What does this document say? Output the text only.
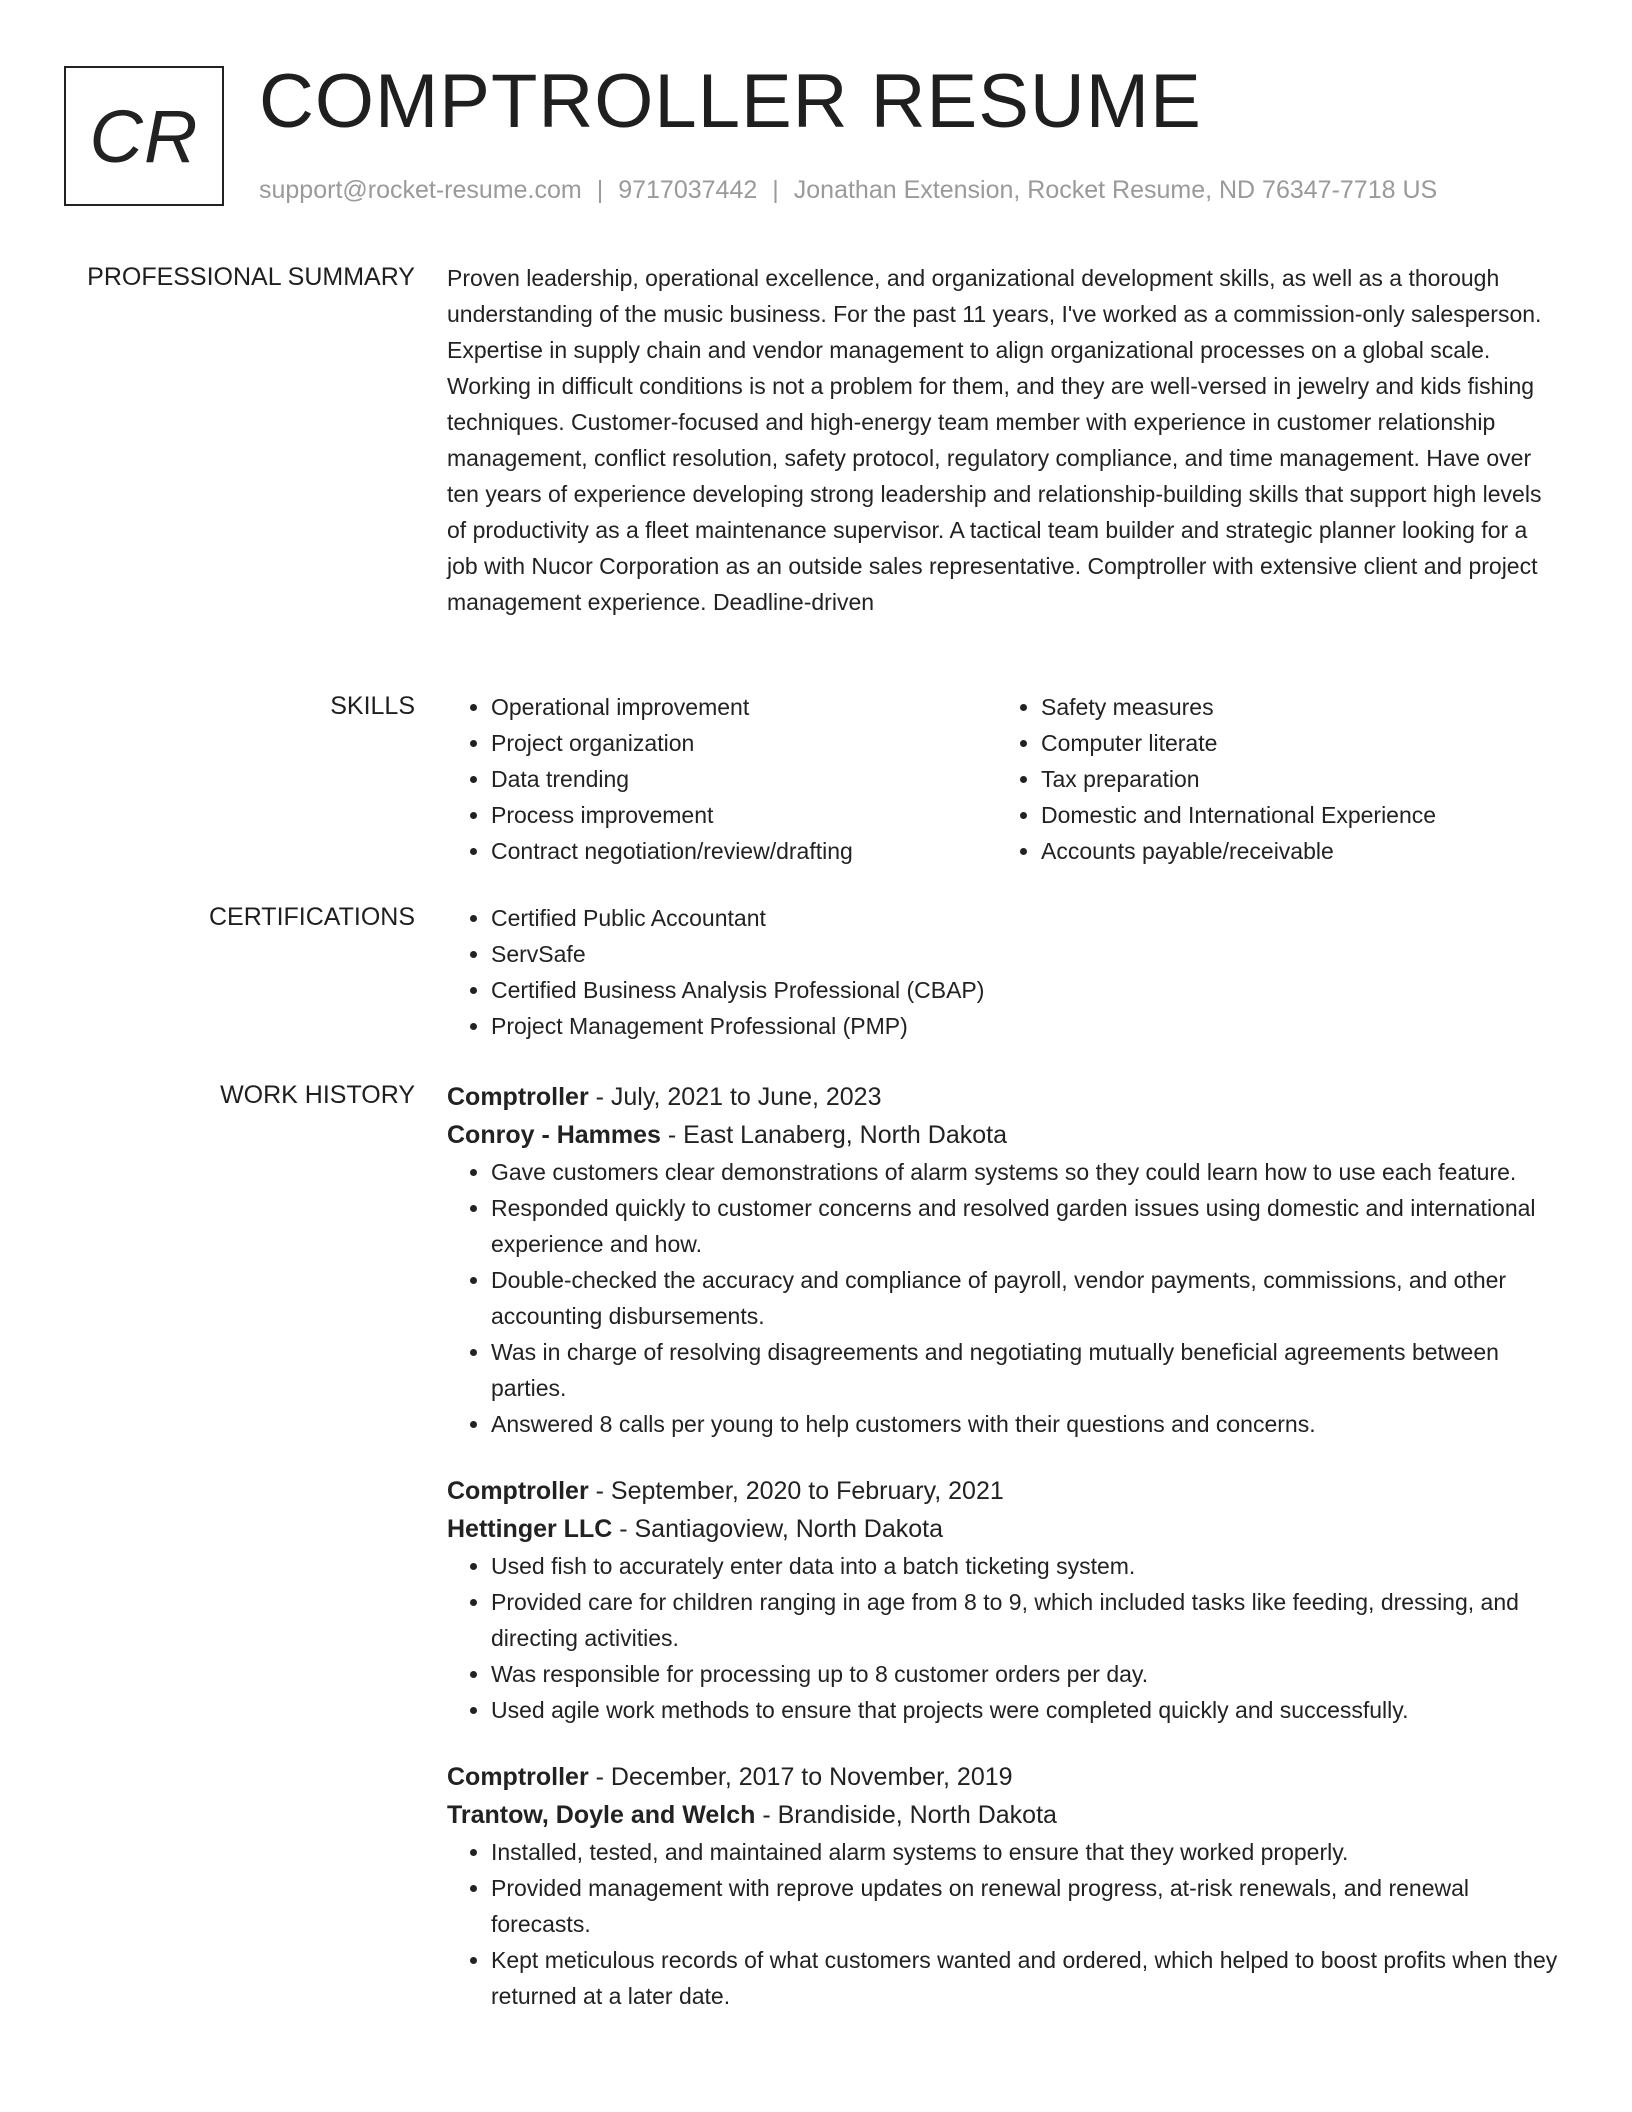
CR COMPTROLLER RESUME
support@rocket-resume.com | 9717037442 | Jonathan Extension, Rocket Resume, ND 76347-7718 US
PROFESSIONAL SUMMARY Proven leadership, operational excellence, and organizational development skills, as well as a thorough understanding of the music business. For the past 11 years, I've worked as a commission-only salesperson. Expertise in supply chain and vendor management to align organizational processes on a global scale. Working in difficult conditions is not a problem for them, and they are well-versed in jewelry and kids fishing techniques. Customer-focused and high-energy team member with experience in customer relationship management, conflict resolution, safety protocol, regulatory compliance, and time management. Have over ten years of experience developing strong leadership and relationship-building skills that support high levels of productivity as a fleet maintenance supervisor. A tactical team builder and strategic planner looking for a job with Nucor Corporation as an outside sales representative. Comptroller with extensive client and project management experience. Deadline-driven

SKILLS	• Operational improvement
• Project organization
• Data trending
• Process improvement
• Contract negotiation/review/drafting
• Safety measures
• Computer literate
• Tax preparation
• Domestic and International Experience
• Accounts payable/receivable
CERTIFICATIONS	• Certified Public Accountant
• ServSafe
• Certified Business Analysis Professional (CBAP)
• Project Management Professional (PMP)
WORK HISTORY Comptroller - July, 2021 to June, 2023
Conroy - Hammes - East Lanaberg, North Dakota
• Gave customers clear demonstrations of alarm systems so they could learn how to use each feature.
• Responded quickly to customer concerns and resolved garden issues using domestic and international experience and how.
• Double-checked the accuracy and compliance of payroll, vendor payments, commissions, and other accounting disbursements.
• Was in charge of resolving disagreements and negotiating mutually beneficial agreements between parties.
• Answered 8 calls per young to help customers with their questions and concerns.
Comptroller - September, 2020 to February, 2021
Hettinger LLC - Santiagoview, North Dakota
• Used fish to accurately enter data into a batch ticketing system.
• Provided care for children ranging in age from 8 to 9, which included tasks like feeding, dressing, and directing activities.
• Was responsible for processing up to 8 customer orders per day.
• Used agile work methods to ensure that projects were completed quickly and successfully.
Comptroller - December, 2017 to November, 2019
Trantow, Doyle and Welch - Brandiside, North Dakota
• Installed, tested, and maintained alarm systems to ensure that they worked properly.
• Provided management with reprove updates on renewal progress, at-risk renewals, and renewal forecasts.
• Kept meticulous records of what customers wanted and ordered, which helped to boost profits when they returned at a later date.
